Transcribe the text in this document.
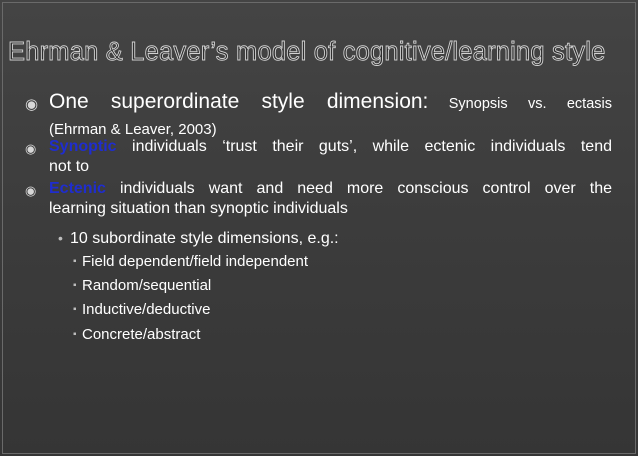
Ehrman & Leaver’s model of cognitive/learning style
◉ One superordinate style dimension: Synopsis vs. ectasis
(Ehrman & Leaver, 2003)
◉ Synoptic individuals ‘trust their guts’, while ectenic individuals tend
not to
◉ Ectenic individuals want and need more conscious control over the
learning situation than synoptic individuals
• 10 subordinate style dimensions, e.g.:
▪ Field dependent/field independent
▪ Random/sequential
▪ Inductive/deductive
▪ Concrete/abstract
